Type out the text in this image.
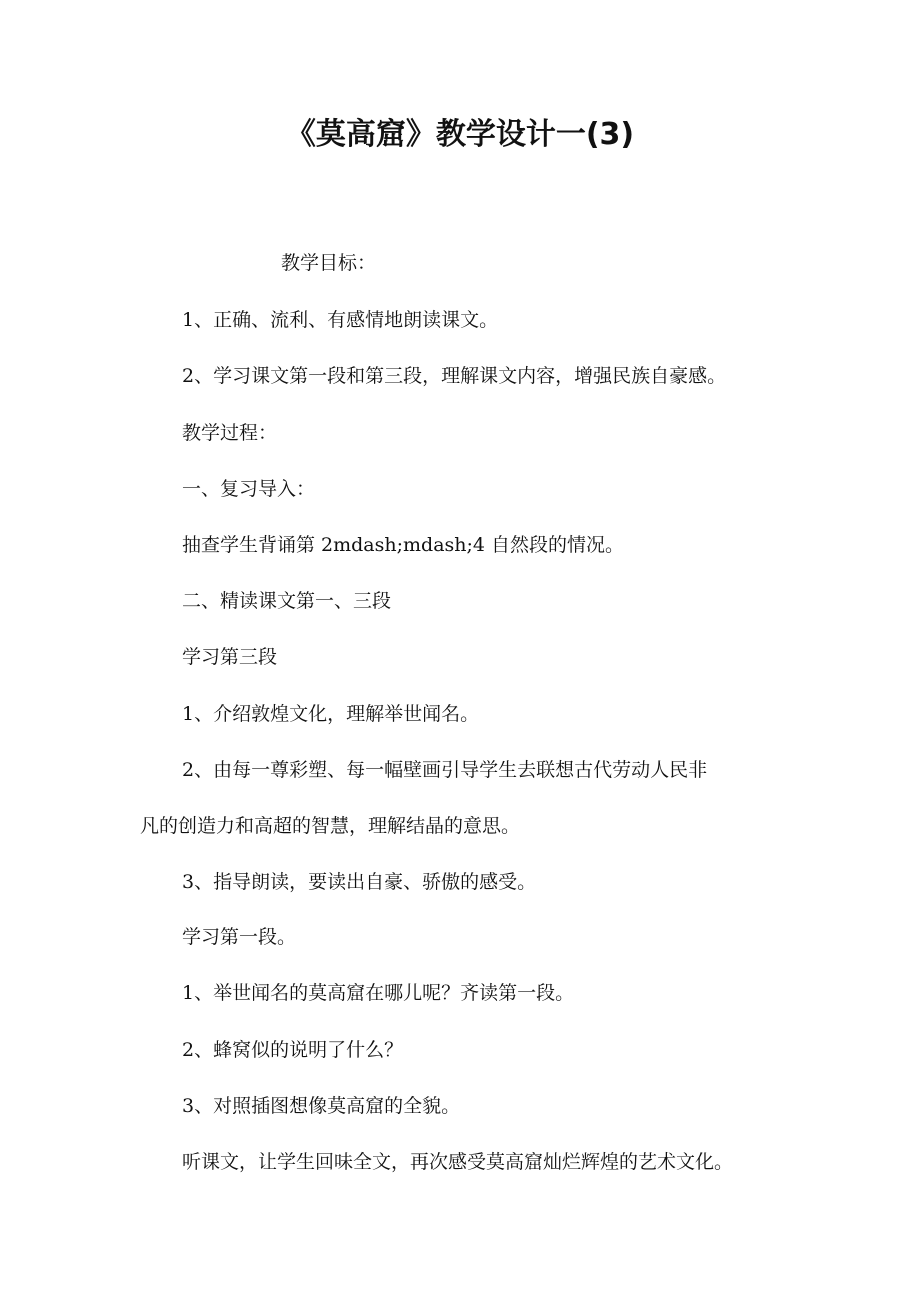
《莫高窟》教学设计一(3)
教学目标：
1、正确、流利、有感情地朗读课文。
2、学习课文第一段和第三段，理解课文内容，增强民族自豪感。
教学过程：
一、复习导入：
抽查学生背诵第 2mdash;mdash;4 自然段的情况。
二、精读课文第一、三段
学习第三段
1、介绍敦煌文化，理解举世闻名。
2、由每一尊彩塑、每一幅壁画引导学生去联想古代劳动人民非
凡的创造力和高超的智慧，理解结晶的意思。
3、指导朗读，要读出自豪、骄傲的感受。
学习第一段。
1、举世闻名的莫高窟在哪儿呢？齐读第一段。
2、蜂窝似的说明了什么？
3、对照插图想像莫高窟的全貌。
听课文，让学生回味全文，再次感受莫高窟灿烂辉煌的艺术文化。
